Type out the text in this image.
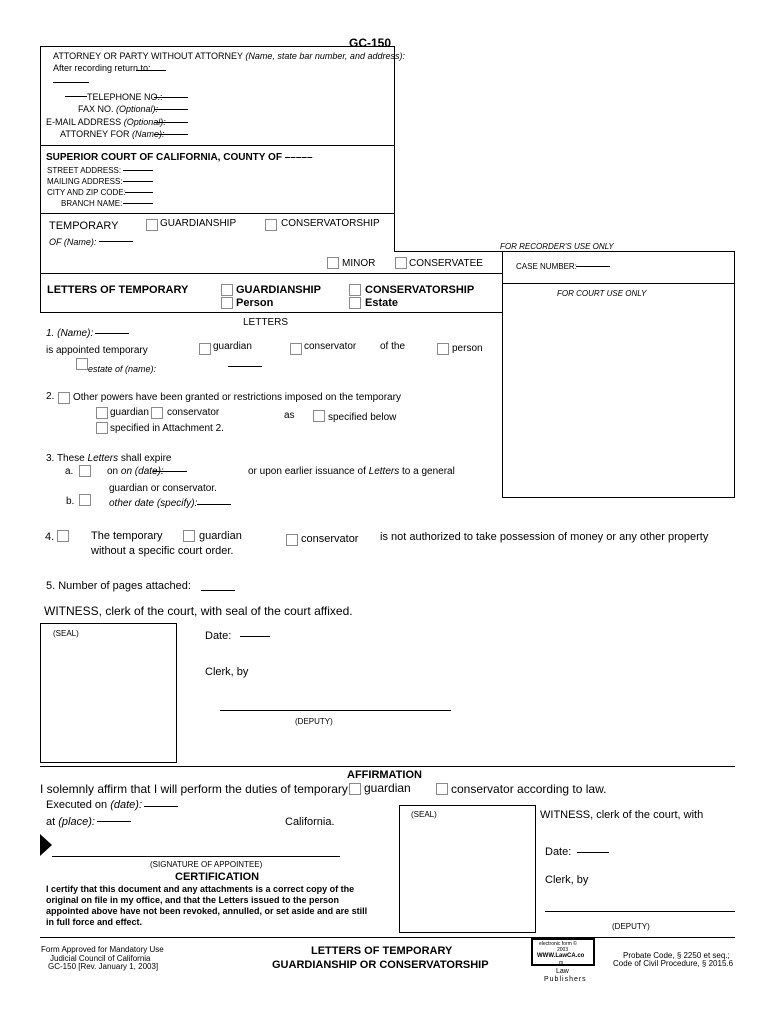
GC-150
ATTORNEY OR PARTY WITHOUT ATTORNEY (Name, state bar number, and address):
After recording return to:
TELEPHONE NO.:
FAX NO. (Optional):
E-MAIL ADDRESS (Optional):
ATTORNEY FOR (Name):
SUPERIOR COURT OF CALIFORNIA, COUNTY OF –––––
STREET ADDRESS:
MAILING ADDRESS:
CITY AND ZIP CODE:
BRANCH NAME:
TEMPORARY	GUARDIANSHIP	CONSERVATORSHIP
OF (Name):
MINOR	CONSERVATEE
FOR RECORDER'S USE ONLY
CASE NUMBER:
FOR COURT USE ONLY
LETTERS OF TEMPORARY	GUARDIANSHIP
Person
CONSERVATORSHIP
Estate
LETTERS
1. (Name):
is appointed temporary	guardian	conservator of the	person
estate of (name):
2. Other powers have been granted or restrictions imposed on the temporary
guardian conservator	as	specified below
specified in Attachment 2.
3. These Letters shall expire
a.	on on (date):	or upon earlier issuance of Letters to a general
guardian or conservator.
b.	other date (specify):
4.	The temporary	guardian	conservator is not authorized to take possession of money or any other property
without a specific court order.
5. Number of pages attached:
WITNESS, clerk of the court, with seal of the court affixed.
(SEAL)	Date:
Clerk, by
(DEPUTY)
AFFIRMATION
I solemnly affirm that I will perform the duties of temporary guardian	conservator according to law.
Executed on (date):
at (place):	California.
(SIGNATURE OF APPOINTEE)
CERTIFICATION
I certify that this document and any attachments is a correct copy of the original on file in my office, and that the Letters issued to the person appointed above have not been revoked, annulled, or set aside and are still in full force and effect.
(SEAL)	WITNESS, clerk of the court, with
Date:
Clerk, by
(DEPUTY)
Form Approved for Mandatory Use
Judicial Council of California
GC-150 [Rev. January 1, 2003]
LETTERS OF TEMPORARY
GUARDIANSHIP OR CONSERVATORSHIP
electronic form ©
2003
WWW.LawCA.co
m
Law
Publishers
Probate Code, § 2250 et seq.;
Code of Civil Procedure, § 2015.6
